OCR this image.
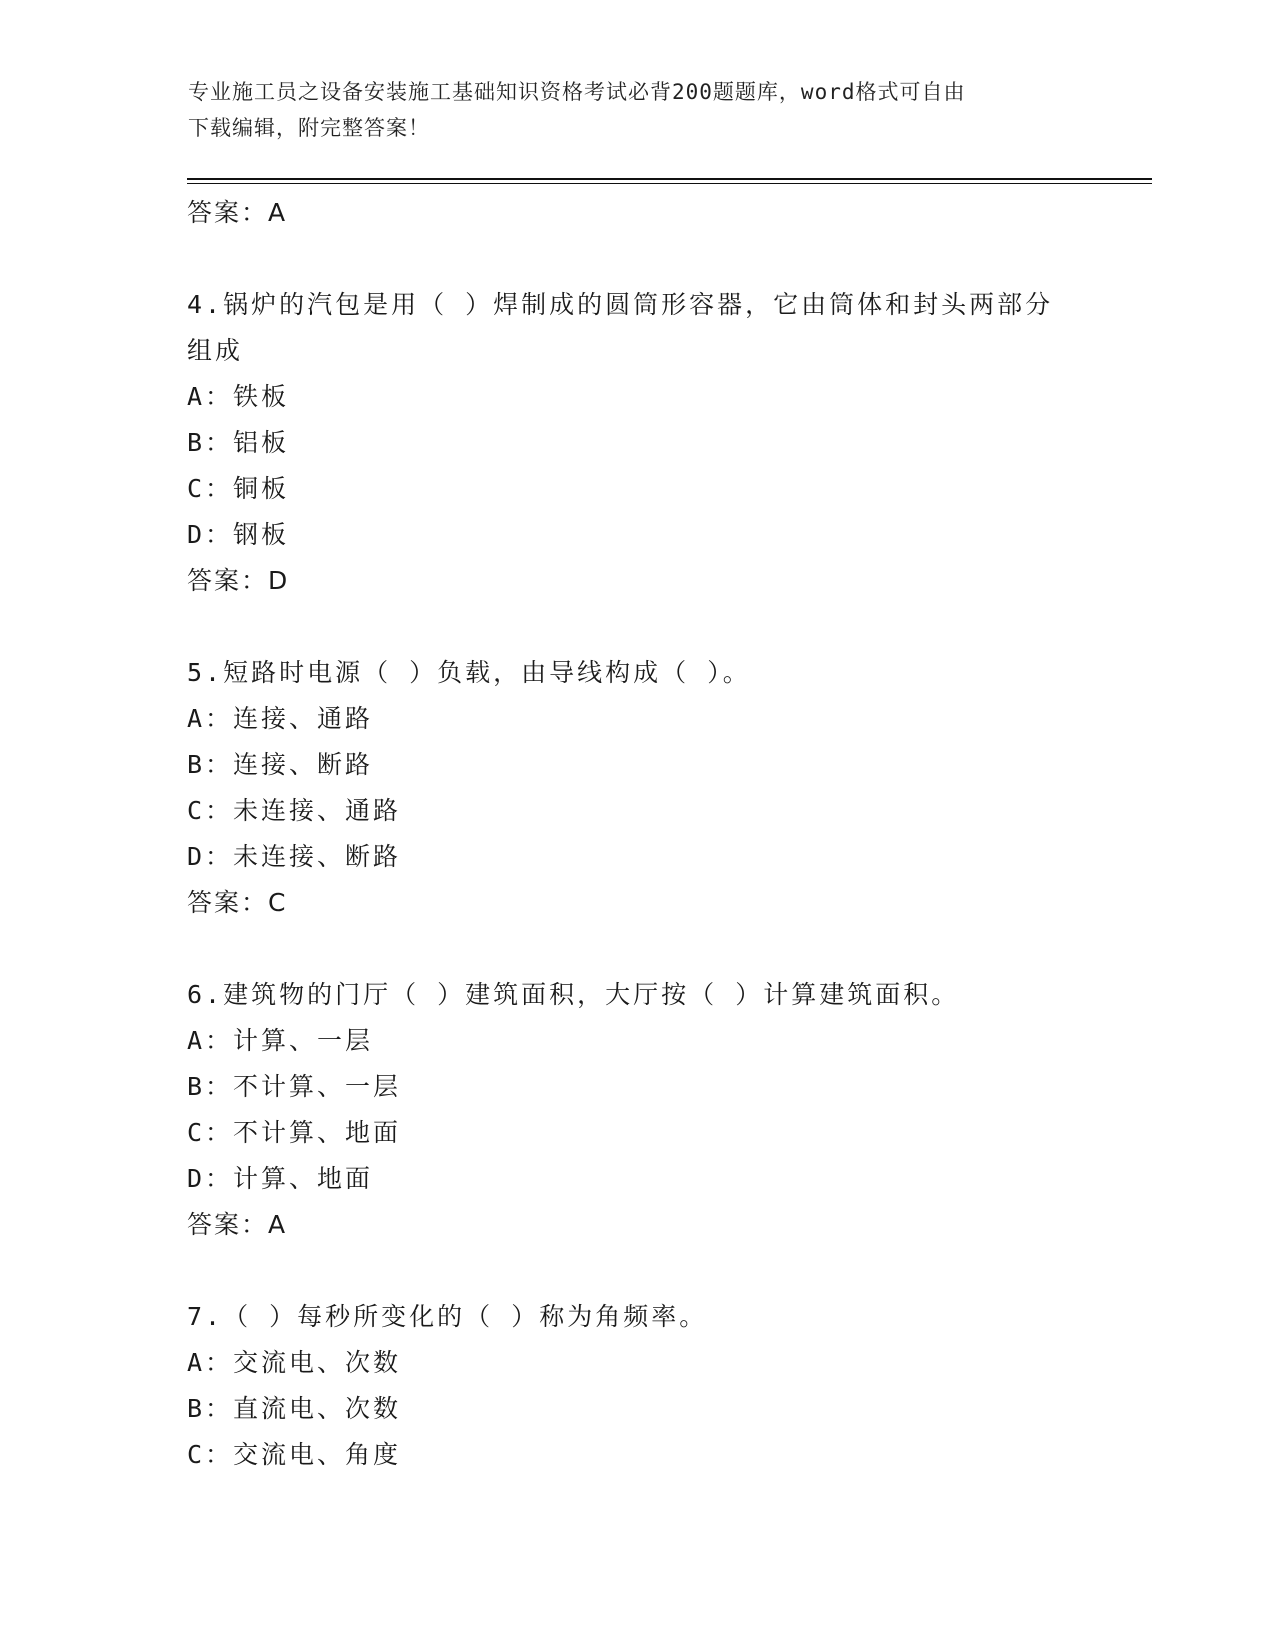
专业施工员之设备安装施工基础知识资格考试必背200题题库，word格式可自由
下载编辑，附完整答案！
答案：A
4.锅炉的汽包是用（ ）焊制成的圆筒形容器，它由筒体和封头两部分
组成
A：铁板
B：铝板
C：铜板
D：钢板
答案：D
5.短路时电源（ ）负载，由导线构成（ ）。
A：连接、通路
B：连接、断路
C：未连接、通路
D：未连接、断路
答案：C
6.建筑物的门厅（ ）建筑面积，大厅按（ ）计算建筑面积。
A：计算、一层
B：不计算、一层
C：不计算、地面
D：计算、地面
答案：A
7.（ ）每秒所变化的（ ）称为角频率。
A：交流电、次数
B：直流电、次数
C：交流电、角度
